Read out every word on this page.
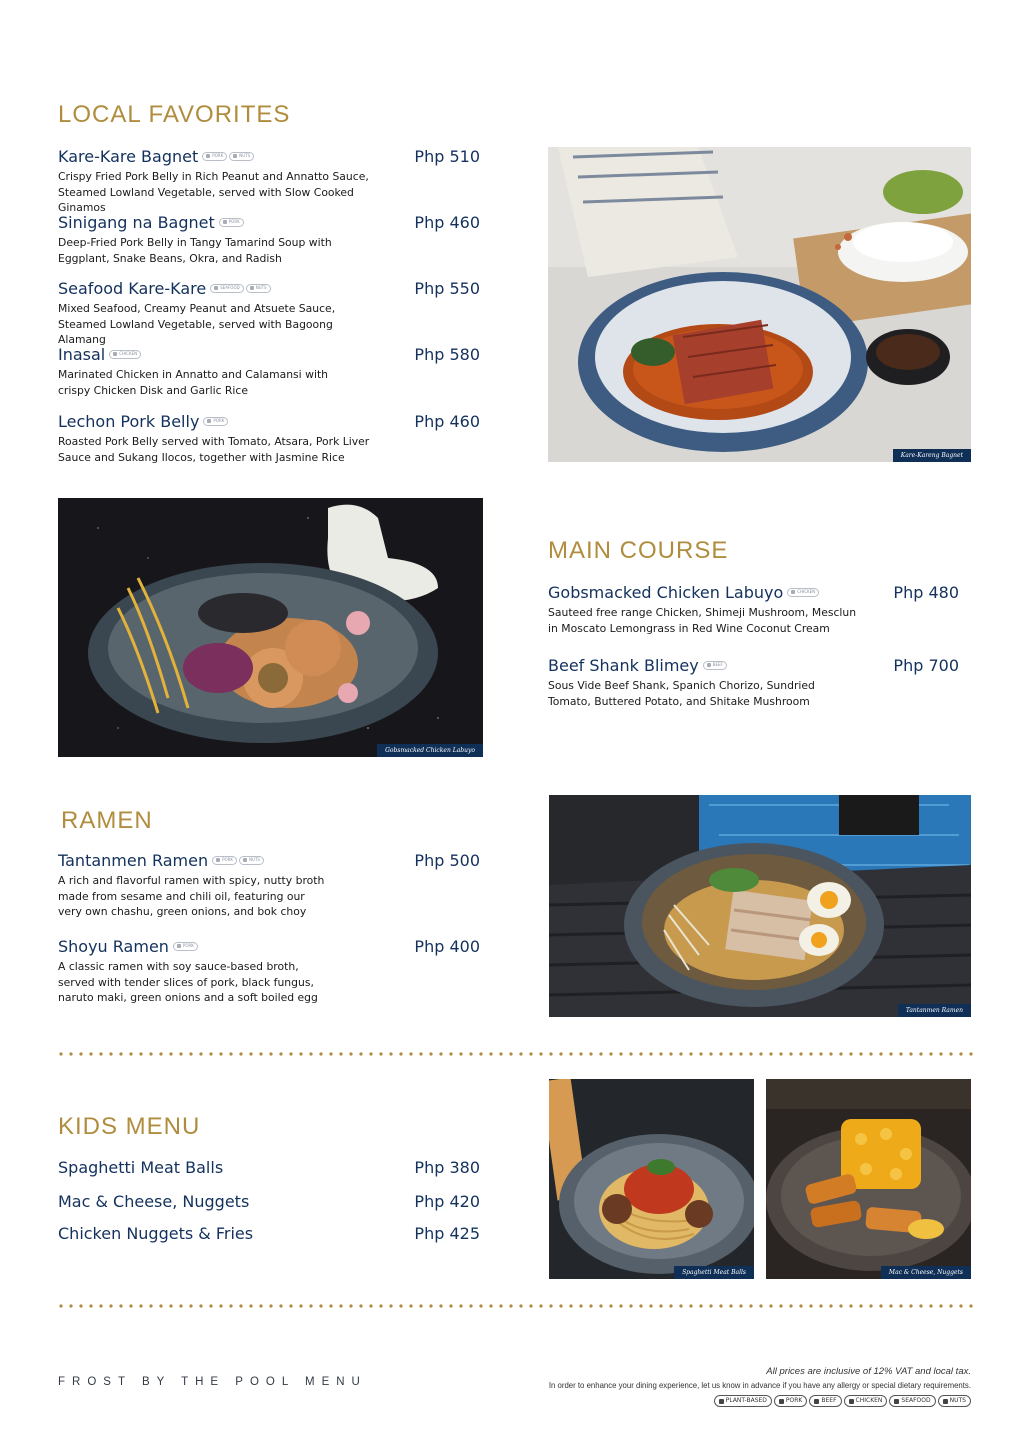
LOCAL FAVORITES
Kare-Kare Bagnet	PORK	NUTS	Php 510

Crispy Fried Pork Belly in Rich Peanut and Annatto Sauce, Steamed Lowland Vegetable, served with Slow Cooked Ginamos

Sinigang na Bagnet	PORK	Php 460

Deep-Fried Pork Belly in Tangy Tamarind Soup with Eggplant, Snake Beans, Okra, and Radish

Seafood Kare-Kare	SEAFOOD	NUTS	Php 550

Mixed Seafood, Creamy Peanut and Atsuete Sauce, Steamed Lowland Vegetable, served with Bagoong Alamang

Inasal	CHICKEN	Php 580

Marinated Chicken in Annatto and Calamansi with crispy Chicken Disk and Garlic Rice

Lechon Pork Belly	PORK	Php 460

Roasted Pork Belly served with Tomato, Atsara, Pork Liver Sauce and Sukang Ilocos, together with Jasmine Rice	Kare-Kareng Bagnet
Gobsmacked Chicken Labuyo
MAIN COURSE
Gobsmacked Chicken Labuyo	CHICKEN	Php 480

Sauteed free range Chicken, Shimeji Mushroom, Mesclun in Moscato Lemongrass in Red Wine Coconut Cream

Beef Shank Blimey	BEEF	Php 700

Sous Vide Beef Shank, Spanich Chorizo, Sundried Tomato, Buttered Potato, and Shitake Mushroom

RAMEN
Tantanmen Ramen	PORK	NUTS	Php 500

A rich and flavorful ramen with spicy, nutty broth made from sesame and chili oil, featuring our very own chashu, green onions, and bok choy

Shoyu Ramen	PORK	Php 400

A classic ramen with soy sauce-based broth, served with tender slices of pork, black fungus, naruto maki, green onions and a soft boiled egg

Tantanmen Ramen
KIDS MENU
Spaghetti Meat Balls	Php 380
Mac & Cheese, Nuggets	Php 420
Chicken Nuggets & Fries	Php 425
Spaghetti Meat Balls	Mac & Cheese, Nuggets
FROST BY THE POOL MENU
All prices are inclusive of 12% VAT and local tax.
In order to enhance your dining experience, let us know in advance if you have any allergy or special dietary requirements.
PLANT-BASED	PORK	BEEF	CHICKEN	SEAFOOD	NUTS
